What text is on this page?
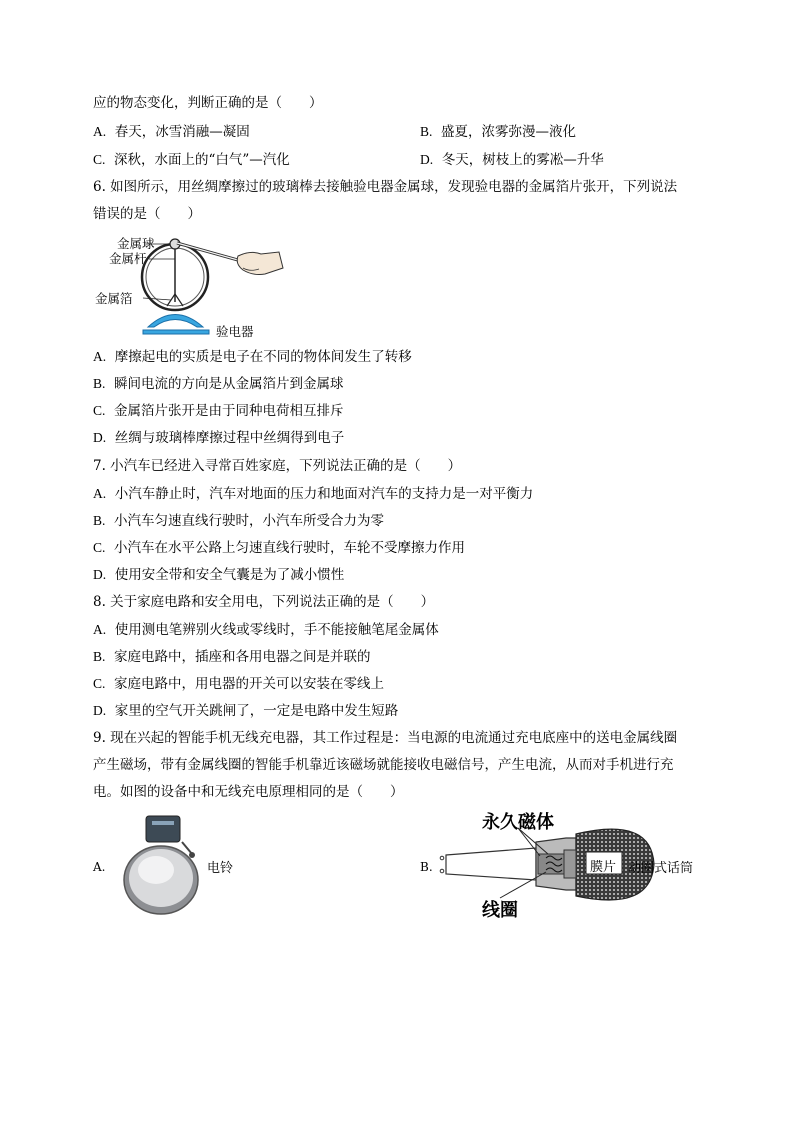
应的物态变化，判断正确的是（　　）
A. 春天，冰雪消融—凝固	B. 盛夏，浓雾弥漫—液化
C. 深秋，水面上的“白气”—汽化	D. 冬天，树枝上的雾凇—升华
6. 如图所示，用丝绸摩擦过的玻璃棒去接触验电器金属球，发现验电器的金属箔片张开，下列说法
错误的是（　　）
金属球
金属杆
金属箔
验电器
A. 摩擦起电的实质是电子在不同的物体间发生了转移
B. 瞬间电流的方向是从金属箔片到金属球
C. 金属箔片张开是由于同种电荷相互排斥
D. 丝绸与玻璃棒摩擦过程中丝绸得到电子
7. 小汽车已经进入寻常百姓家庭，下列说法正确的是（　　）
A. 小汽车静止时，汽车对地面的压力和地面对汽车的支持力是一对平衡力
B. 小汽车匀速直线行驶时，小汽车所受合力为零
C. 小汽车在水平公路上匀速直线行驶时，车轮不受摩擦力作用
D. 使用安全带和安全气囊是为了减小惯性
8. 关于家庭电路和安全用电，下列说法正确的是（　　）
A. 使用测电笔辨别火线或零线时，手不能接触笔尾金属体
B. 家庭电路中，插座和各用电器之间是并联的
C. 家庭电路中，用电器的开关可以安装在零线上
D. 家里的空气开关跳闸了，一定是电路中发生短路
9. 现在兴起的智能手机无线充电器，其工作过程是：当电源的电流通过充电底座中的送电金属线圈
产生磁场，带有金属线圈的智能手机靠近该磁场就能接收电磁信号，产生电流，从而对手机进行充
电。如图的设备中和无线充电原理相同的是（　　）
A.	电铃	B.
永久磁体
膜片
线圈
动圈式话筒
